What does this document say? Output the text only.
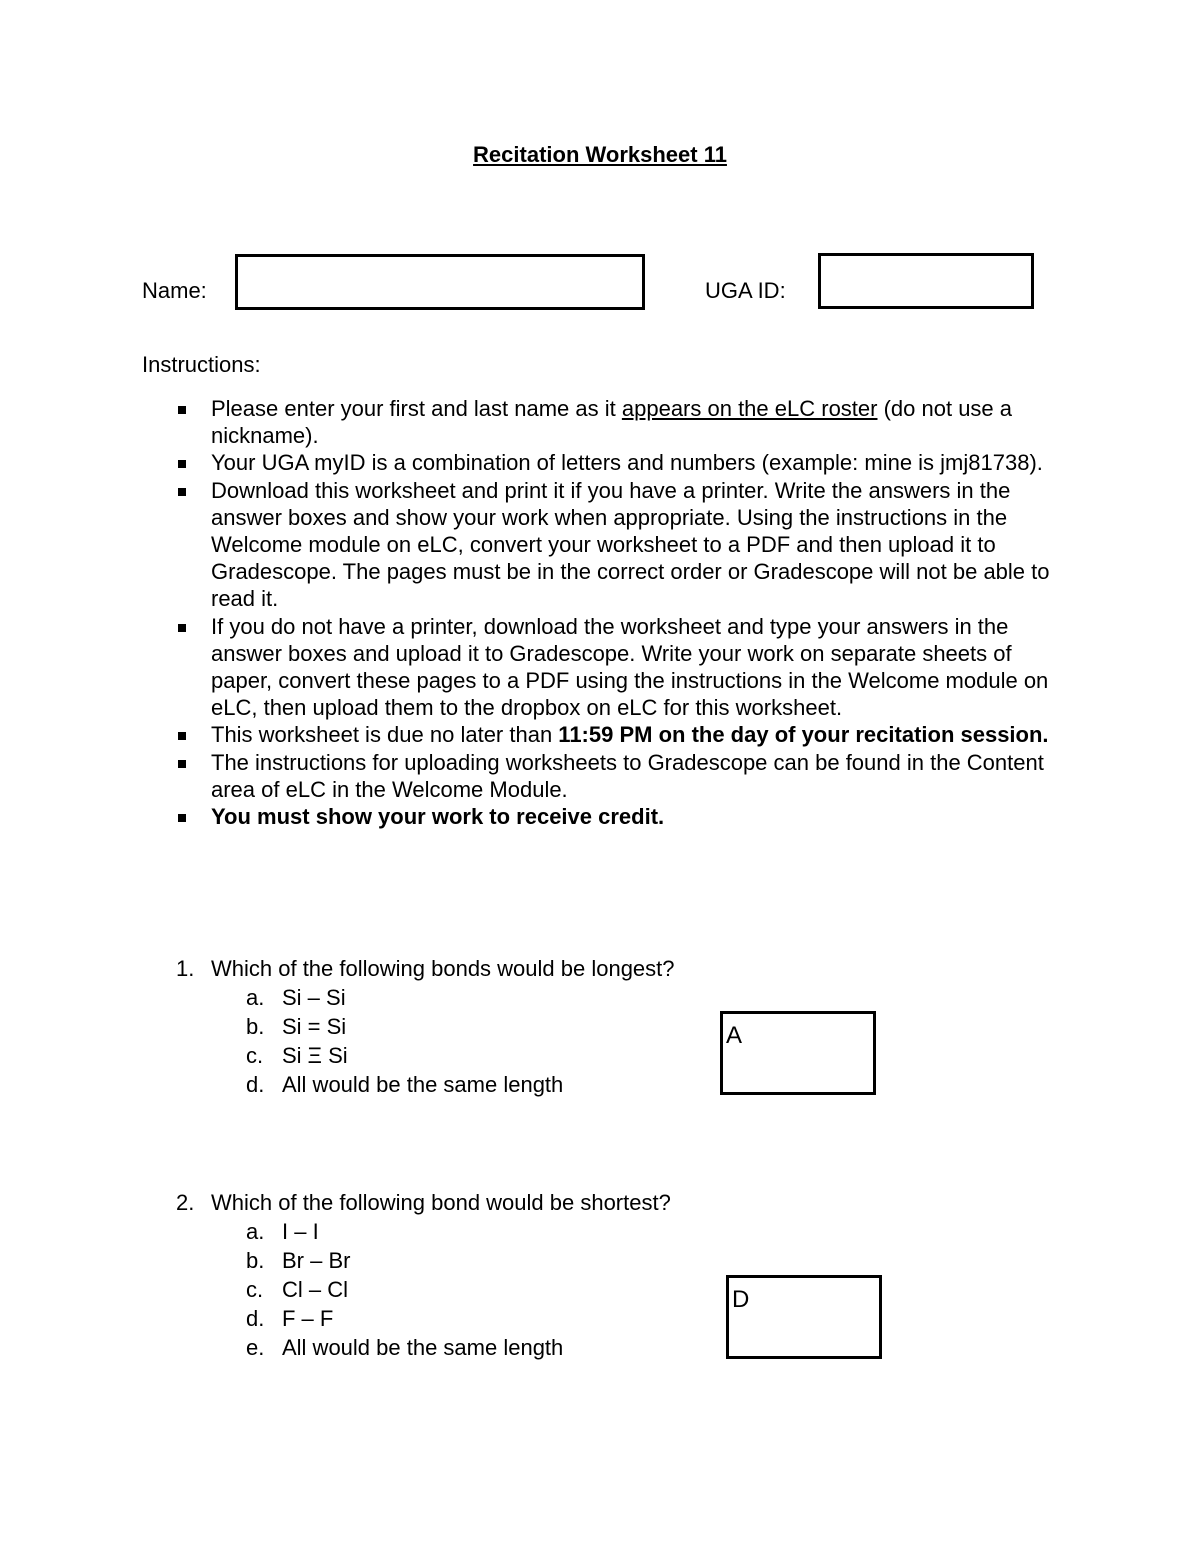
Recitation Worksheet 11
Name:	UGA ID:
Instructions:
Please enter your first and last name as it appears on the eLC roster (do not use a nickname).
Your UGA myID is a combination of letters and numbers (example: mine is jmj81738).
Download this worksheet and print it if you have a printer. Write the answers in the answer boxes and show your work when appropriate. Using the instructions in the Welcome module on eLC, convert your worksheet to a PDF and then upload it to Gradescope. The pages must be in the correct order or Gradescope will not be able to read it.
If you do not have a printer, download the worksheet and type your answers in the answer boxes and upload it to Gradescope. Write your work on separate sheets of paper, convert these pages to a PDF using the instructions in the Welcome module on eLC, then upload them to the dropbox on eLC for this worksheet.
This worksheet is due no later than 11:59 PM on the day of your recitation session.
The instructions for uploading worksheets to Gradescope can be found in the Content area of eLC in the Welcome Module.
You must show your work to receive credit.
1. Which of the following bonds would be longest?
a. Si – Si
b. Si = Si
c. Si Ξ Si
d. All would be the same length
A
2. Which of the following bond would be shortest?
a. I – I
b. Br – Br
c. Cl – Cl
d. F – F
e. All would be the same length
D
